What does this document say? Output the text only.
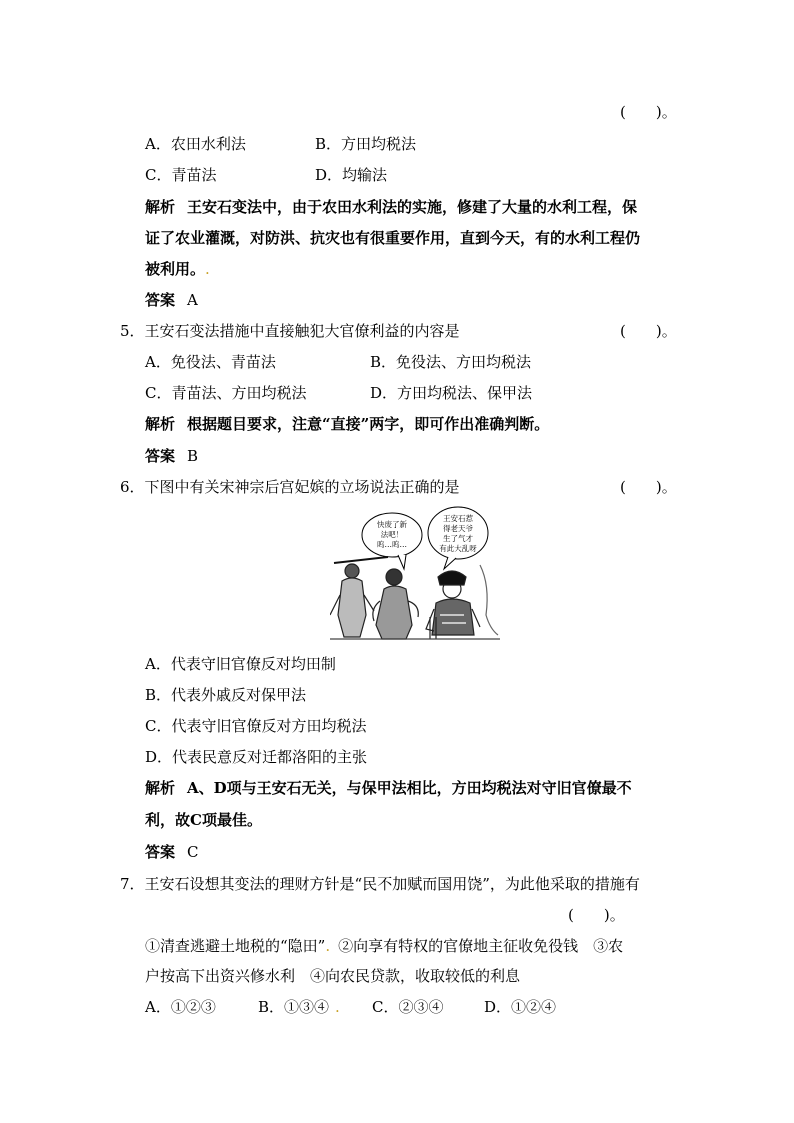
(　　)。
A．农田水利法	B．方田均税法
C．青苗法	D．均输法
解析 王安石变法中，由于农田水利法的实施，修建了大量的水利工程，保
证了农业灌溉，对防洪、抗灾也有很重要作用，直到今天，有的水利工程仍
被利用。.
答案 A
5．王安石变法措施中直接触犯大官僚利益的内容是	(　　)。
A．免役法、青苗法	B．免役法、方田均税法
C．青苗法、方田均税法	D．方田均税法、保甲法
解析 根据题目要求，注意“直接”两字，即可作出准确判断。
答案 B
6．下图中有关宋神宗后宫妃嫔的立场说法正确的是	(　　)。
快废了新
法吧！
呜…呜…
王安石惹
得老天爷
生了气才
有此大乱呀
A．代表守旧官僚反对均田制
B．代表外戚反对保甲法
C．代表守旧官僚反对方田均税法
D．代表民意反对迁都洛阳的主张
解析 A、D项与王安石无关，与保甲法相比，方田均税法对守旧官僚最不
利，故C项最佳。
答案 C
7．王安石设想其变法的理财方针是“民不加赋而国用饶”，为此他采取的措施有
(　　)。
①清查逃避土地税的“隐田”. ②向享有特权的官僚地主征收免役钱　③农
户按高下出资兴修水利　④向农民贷款，收取较低的利息
A．①②③	B．①③④ . C．②③④	D．①②④
